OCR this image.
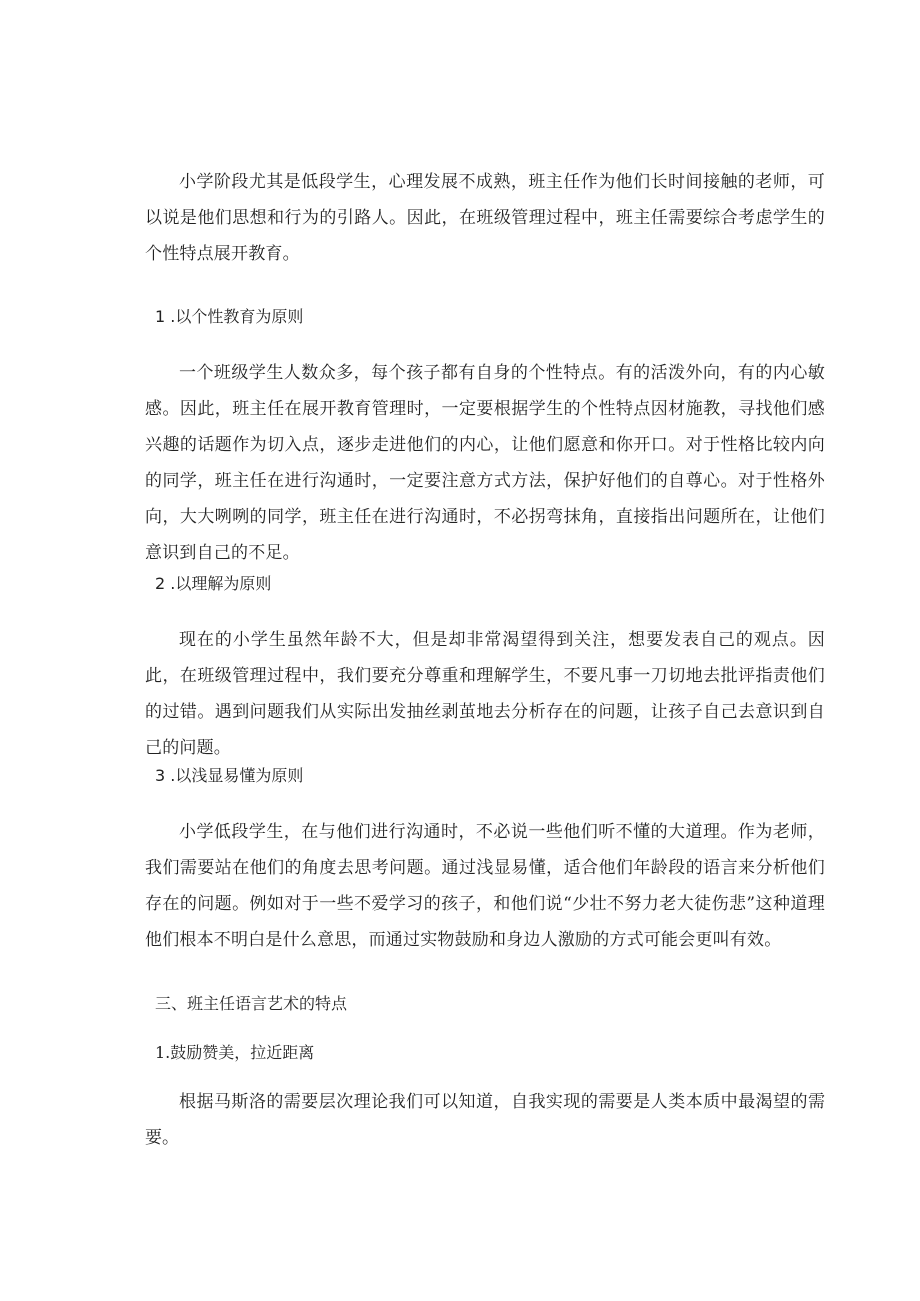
小学阶段尤其是低段学生，心理发展不成熟，班主任作为他们长时间接触的老师，可以说是他们思想和行为的引路人。因此，在班级管理过程中，班主任需要综合考虑学生的个性特点展开教育。

1 .以个性教育为原则

一个班级学生人数众多，每个孩子都有自身的个性特点。有的活泼外向，有的内心敏感。因此，班主任在展开教育管理时，一定要根据学生的个性特点因材施教，寻找他们感兴趣的话题作为切入点，逐步走进他们的内心，让他们愿意和你开口。对于性格比较内向的同学，班主任在进行沟通时，一定要注意方式方法，保护好他们的自尊心。对于性格外向，大大咧咧的同学，班主任在进行沟通时，不必拐弯抹角，直接指出问题所在，让他们意识到自己的不足。

2 .以理解为原则

现在的小学生虽然年龄不大，但是却非常渴望得到关注，想要发表自己的观点。因此，在班级管理过程中，我们要充分尊重和理解学生，不要凡事一刀切地去批评指责他们的过错。遇到问题我们从实际出发抽丝剥茧地去分析存在的问题，让孩子自己去意识到自己的问题。

3 .以浅显易懂为原则

小学低段学生，在与他们进行沟通时，不必说一些他们听不懂的大道理。作为老师，我们需要站在他们的角度去思考问题。通过浅显易懂，适合他们年龄段的语言来分析他们存在的问题。例如对于一些不爱学习的孩子，和他们说“少壮不努力老大徒伤悲”这种道理他们根本不明白是什么意思，而通过实物鼓励和身边人激励的方式可能会更叫有效。

三、班主任语言艺术的特点

1.鼓励赞美，拉近距离

根据马斯洛的需要层次理论我们可以知道，自我实现的需要是人类本质中最渴望的需要。
